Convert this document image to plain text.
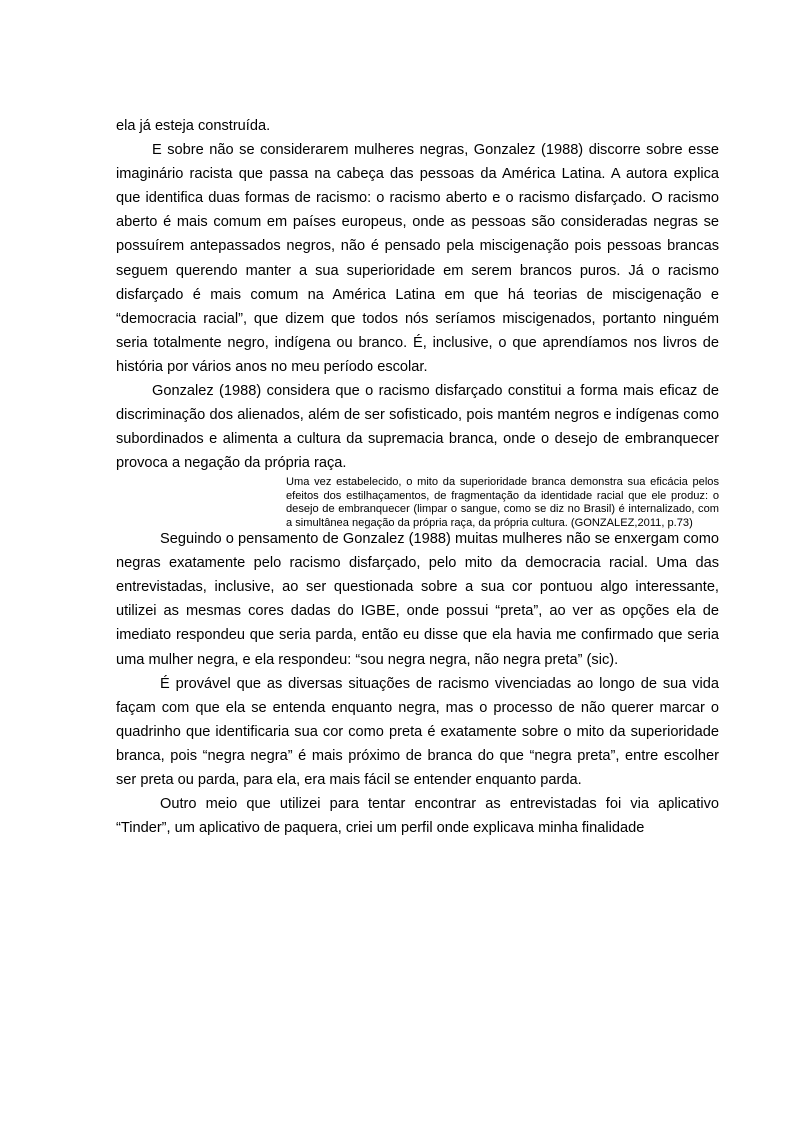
ela já esteja construída.

E sobre não se considerarem mulheres negras, Gonzalez (1988) discorre sobre esse imaginário racista que passa na cabeça das pessoas da América Latina. A autora explica que identifica duas formas de racismo: o racismo aberto e o racismo disfarçado. O racismo aberto é mais comum em países europeus, onde as pessoas são consideradas negras se possuírem antepassados negros, não é pensado pela miscigenação pois pessoas brancas seguem querendo manter a sua superioridade em serem brancos puros. Já o racismo disfarçado é mais comum na América Latina em que há teorias de miscigenação e “democracia racial”, que dizem que todos nós seríamos miscigenados, portanto ninguém seria totalmente negro, indígena ou branco. É, inclusive, o que aprendíamos nos livros de história por vários anos no meu período escolar.

Gonzalez (1988) considera que o racismo disfarçado constitui a forma mais eficaz de discriminação dos alienados, além de ser sofisticado, pois mantém negros e indígenas como subordinados e alimenta a cultura da supremacia branca, onde o desejo de embranquecer provoca a negação da própria raça.

Uma vez estabelecido, o mito da superioridade branca demonstra sua eficácia pelos efeitos dos estilhaçamentos, de fragmentação da identidade racial que ele produz: o desejo de embranquecer (limpar o sangue, como se diz no Brasil) é internalizado, com a simultânea negação da própria raça, da própria cultura. (GONZALEZ,2011, p.73)

Seguindo o pensamento de Gonzalez (1988) muitas mulheres não se enxergam como negras exatamente pelo racismo disfarçado, pelo mito da democracia racial. Uma das entrevistadas, inclusive, ao ser questionada sobre a sua cor pontuou algo interessante, utilizei as mesmas cores dadas do IGBE, onde possui “preta”, ao ver as opções ela de imediato respondeu que seria parda, então eu disse que ela havia me confirmado que seria uma mulher negra, e ela respondeu: “sou negra negra, não negra preta” (sic).

É provável que as diversas situações de racismo vivenciadas ao longo de sua vida façam com que ela se entenda enquanto negra, mas o processo de não querer marcar o quadrinho que identificaria sua cor como preta é exatamente sobre o mito da superioridade branca, pois “negra negra” é mais próximo de branca do que “negra preta”, entre escolher ser preta ou parda, para ela, era mais fácil se entender enquanto parda.

Outro meio que utilizei para tentar encontrar as entrevistadas foi via aplicativo “Tinder”, um aplicativo de paquera, criei um perfil onde explicava minha finalidade
